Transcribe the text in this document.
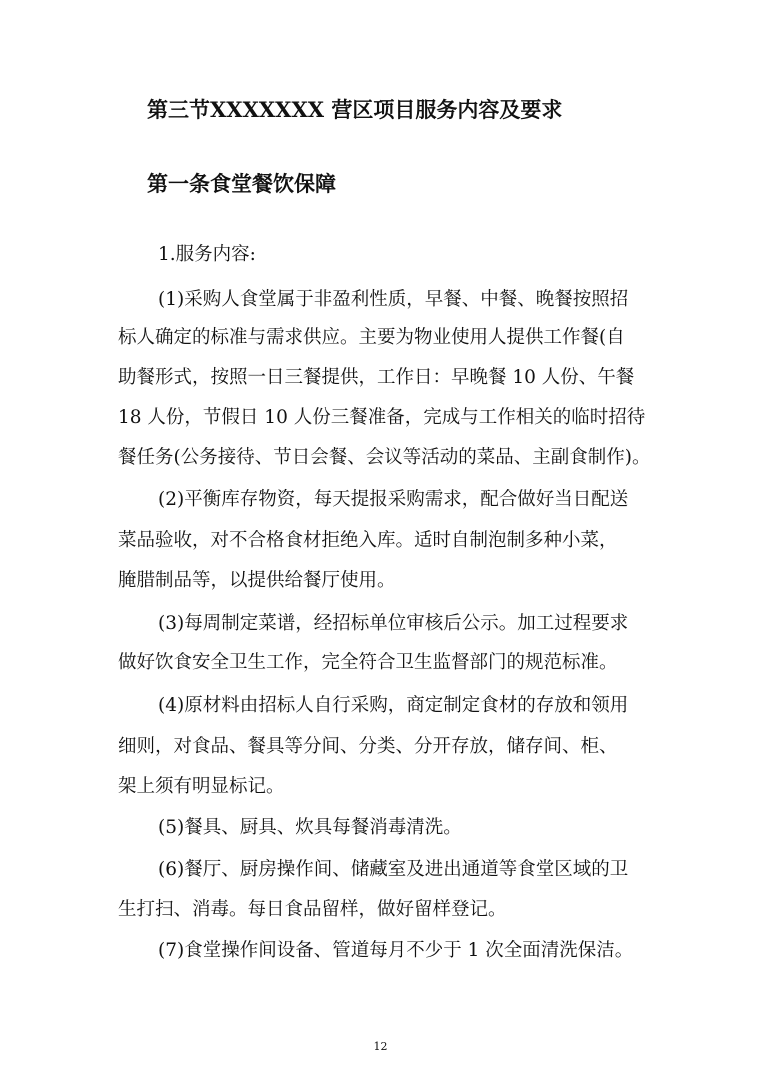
第三节XXXXXXX 营区项目服务内容及要求
第一条食堂餐饮保障
1.服务内容:
(1)采购人食堂属于非盈利性质，早餐、中餐、晚餐按照招
标人确定的标准与需求供应。主要为物业使用人提供工作餐(自
助餐形式，按照一日三餐提供，工作日：早晚餐 10 人份、午餐
18 人份，节假日 10 人份三餐准备，完成与工作相关的临时招待
餐任务(公务接待、节日会餐、会议等活动的菜品、主副食制作)。
(2)平衡库存物资，每天提报采购需求，配合做好当日配送
菜品验收，对不合格食材拒绝入库。适时自制泡制多种小菜，
腌腊制品等，以提供给餐厅使用。
(3)每周制定菜谱，经招标单位审核后公示。加工过程要求
做好饮食安全卫生工作，完全符合卫生监督部门的规范标准。
(4)原材料由招标人自行采购，商定制定食材的存放和领用
细则，对食品、餐具等分间、分类、分开存放，储存间、柜、
架上须有明显标记。
(5)餐具、厨具、炊具每餐消毒清洗。
(6)餐厅、厨房操作间、储藏室及进出通道等食堂区域的卫
生打扫、消毒。每日食品留样，做好留样登记。
(7)食堂操作间设备、管道每月不少于 1 次全面清洗保洁。
12
